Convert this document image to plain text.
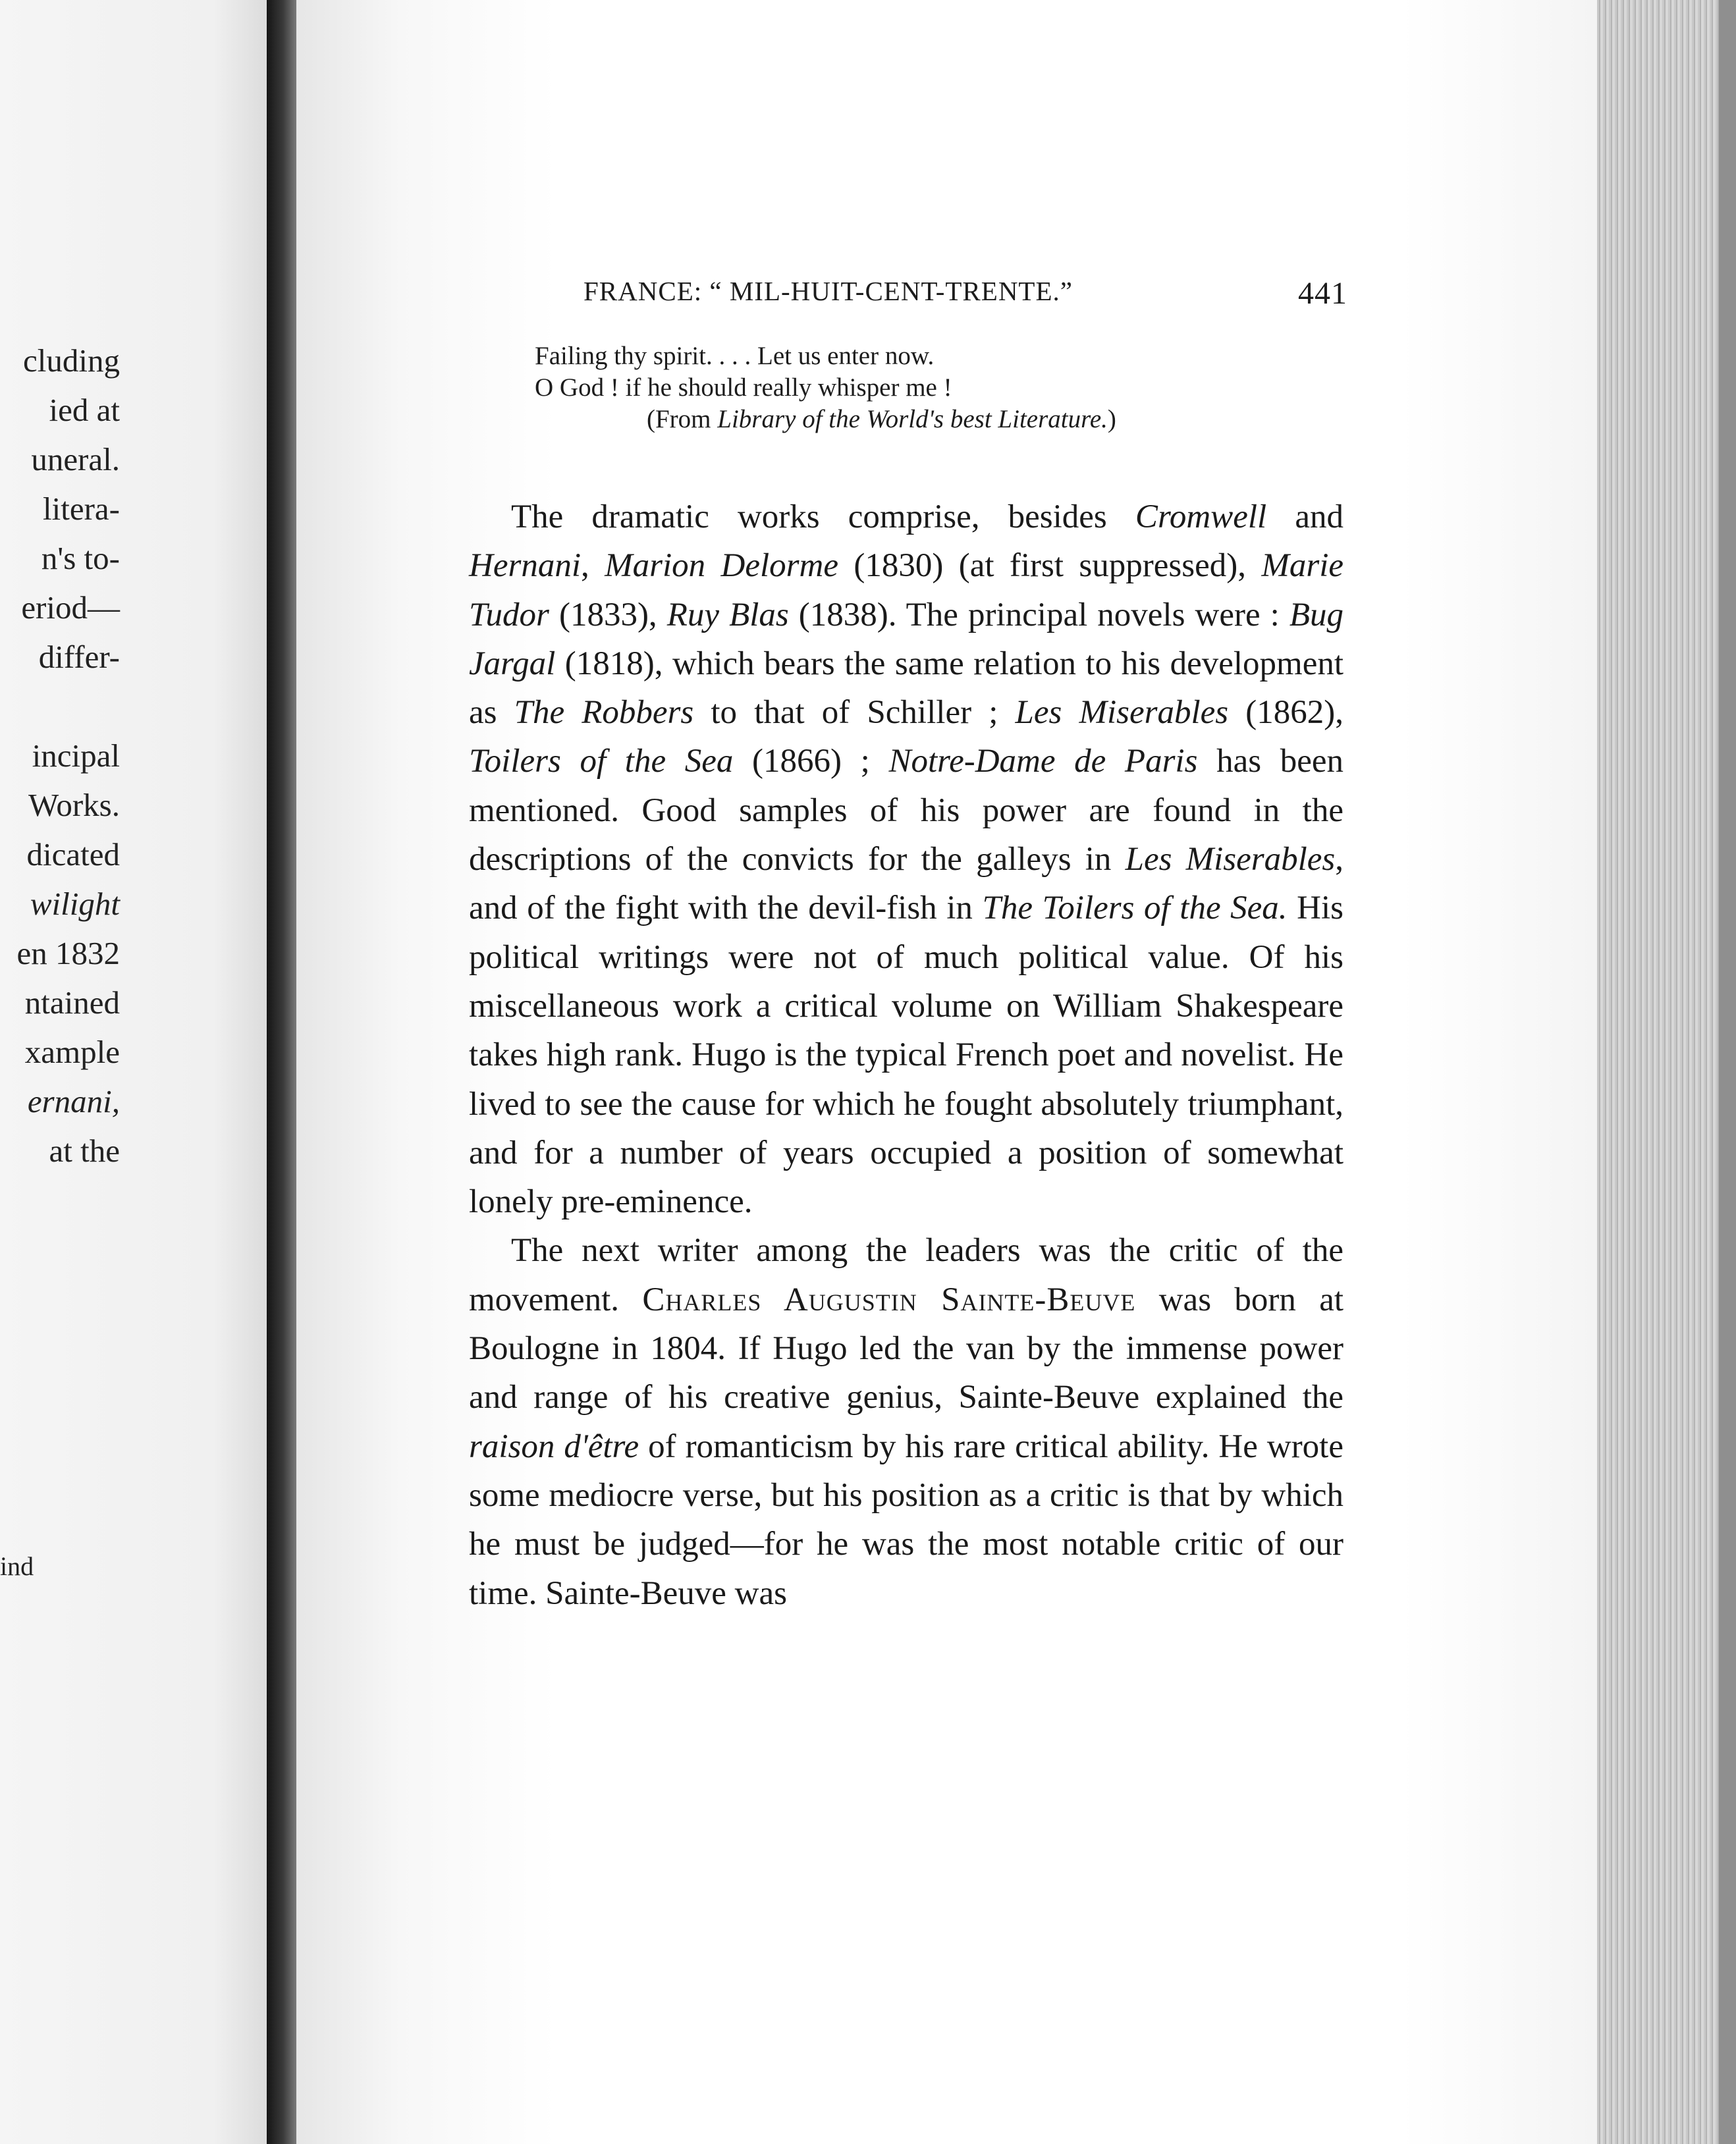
cluding
ied at
uneral.
litera-
n's to-
eriod—
differ-
incipal
Works.
dicated
wilight
en 1832
ntained
xample
ernani,
at the
ind
FRANCE: “ MIL-HUIT-CENT-TRENTE.”	441
Failing thy spirit. . . . Let us enter now.
O God ! if he should really whisper me !
(From Library of the World's best Literature.)

The dramatic works comprise, besides Cromwell and Hernani, Marion Delorme (1830) (at first suppressed), Marie Tudor (1833), Ruy Blas (1838). The principal novels were : Bug Jargal (1818), which bears the same relation to his development as The Robbers to that of Schiller ; Les Miserables (1862), Toilers of the Sea (1866) ; Notre-Dame de Paris has been mentioned. Good samples of his power are found in the descriptions of the convicts for the galleys in Les Miserables, and of the fight with the devil-fish in The Toilers of the Sea. His political writings were not of much political value. Of his miscellaneous work a critical volume on William Shakespeare takes high rank. Hugo is the typical French poet and novelist. He lived to see the cause for which he fought absolutely triumphant, and for a number of years occupied a position of somewhat lonely pre-eminence.

The next writer among the leaders was the critic of the movement. Charles Augustin Sainte-Beuve was born at Boulogne in 1804. If Hugo led the van by the immense power and range of his creative genius, Sainte-Beuve explained the raison d'être of romanticism by his rare critical ability. He wrote some mediocre verse, but his position as a critic is that by which he must be judged—for he was the most notable critic of our time. Sainte-Beuve was
